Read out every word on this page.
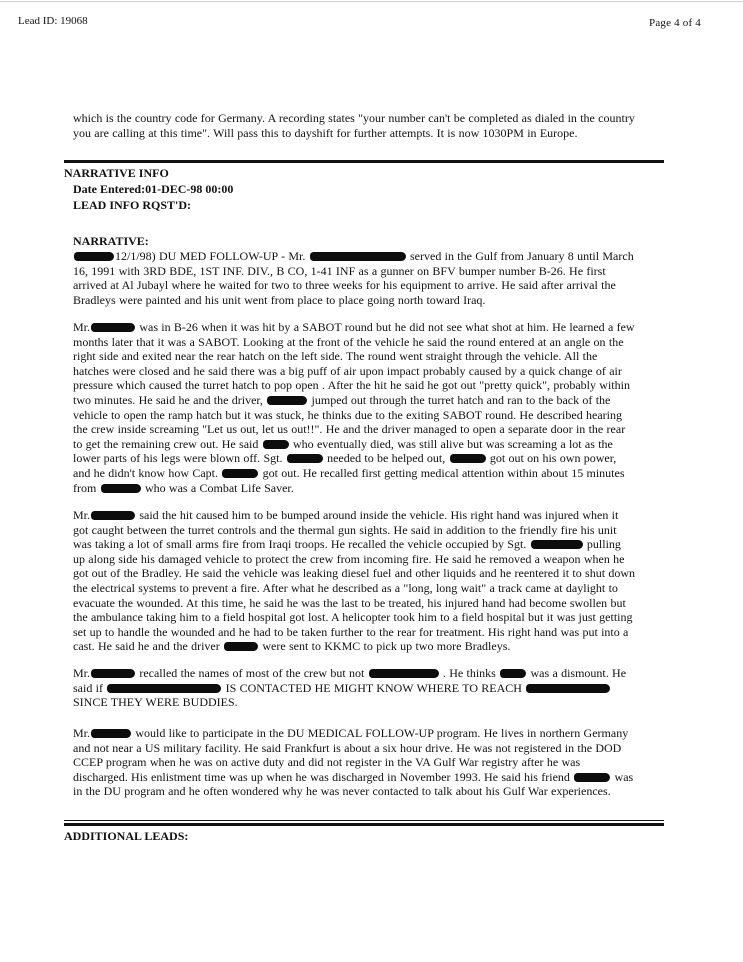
Lead ID: 19068	Page 4 of 4

which is the country code for Germany. A recording states "your number can't be completed as dialed in the country you are calling at this time". Will pass this to dayshift for further attempts. It is now 1030PM in Europe.

NARRATIVE INFO
Date Entered:01-DEC-98 00:00
LEAD INFO RQST'D:
NARRATIVE:

12/1/98) DU MED FOLLOW-UP - Mr.	served in the Gulf from January 8 until March 16, 1991 with 3RD BDE, 1ST INF. DIV., B CO, 1-41 INF as a gunner on BFV bumper number B-26. He first arrived at Al Jubayl where he waited for two to three weeks for his equipment to arrive. He said after arrival the Bradleys were painted and his unit went from place to place going north toward Iraq.

Mr.	was in B-26 when it was hit by a SABOT round but he did not see what shot at him. He learned a few months later that it was a SABOT. Looking at the front of the vehicle he said the round entered at an angle on the right side and exited near the rear hatch on the left side. The round went straight through the vehicle. All the hatches were closed and he said there was a big puff of air upon impact probably caused by a quick change of air pressure which caused the turret hatch to pop open . After the hit he said he got out "pretty quick", probably within two minutes. He said he and the driver,	jumped out through the turret hatch and ran to the back of the vehicle to open the ramp hatch but it was stuck, he thinks due to the exiting SABOT round. He described hearing the crew inside screaming "Let us out, let us out!!". He and the driver managed to open a separate door in the rear to get the remaining crew out. He said	who eventually died, was still alive but was screaming a lot as the lower parts of his legs were blown off. Sgt.	needed to be helped out,	got out on his own power, and he didn't know how Capt.	got out. He recalled first getting medical attention within about 15 minutes from	who was a Combat Life Saver.

Mr.	said the hit caused him to be bumped around inside the vehicle. His right hand was injured when it got caught between the turret controls and the thermal gun sights. He said in addition to the friendly fire his unit was taking a lot of small arms fire from Iraqi troops. He recalled the vehicle occupied by Sgt.	pulling up along side his damaged vehicle to protect the crew from incoming fire. He said he removed a weapon when he got out of the Bradley. He said the vehicle was leaking diesel fuel and other liquids and he reentered it to shut down the electrical systems to prevent a fire. After what he described as a "long, long wait" a track came at daylight to evacuate the wounded. At this time, he said he was the last to be treated, his injured hand had become swollen but the ambulance taking him to a field hospital got lost. A helicopter took him to a field hospital but it was just getting set up to handle the wounded and he had to be taken further to the rear for treatment. His right hand was put into a cast. He said he and the driver	were sent to KKMC to pick up two more Bradleys.

Mr.	recalled the names of most of the crew but not	. He thinks	was a dismount. He said if	IS CONTACTED HE MIGHT KNOW WHERE TO REACH  SINCE THEY WERE BUDDIES.

Mr.	would like to participate in the DU MEDICAL FOLLOW-UP program. He lives in northern Germany and not near a US military facility. He said Frankfurt is about a six hour drive. He was not registered in the DOD CCEP program when he was on active duty and did not register in the VA Gulf War registry after he was discharged. His enlistment time was up when he was discharged in November 1993. He said his friend	was in the DU program and he often wondered why he was never contacted to talk about his Gulf War experiences.

ADDITIONAL LEADS:
